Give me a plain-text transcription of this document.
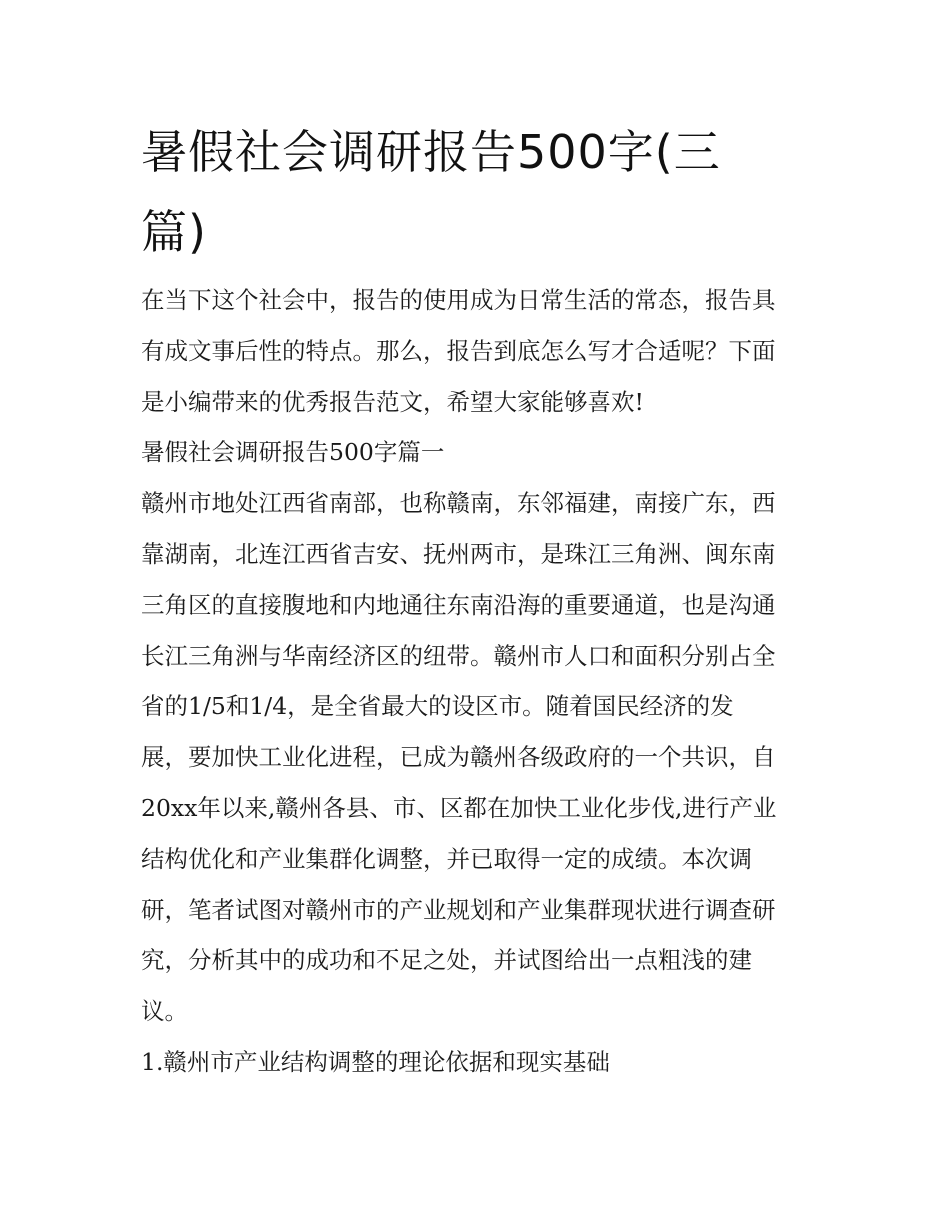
暑假社会调研报告500字(三
篇)

在当下这个社会中，报告的使用成为日常生活的常态，报告具

有成文事后性的特点。那么，报告到底怎么写才合适呢？下面

是小编带来的优秀报告范文，希望大家能够喜欢!

暑假社会调研报告500字篇一

赣州市地处江西省南部，也称赣南，东邻福建，南接广东，西

靠湖南，北连江西省吉安、抚州两市，是珠江三角洲、闽东南

三角区的直接腹地和内地通往东南沿海的重要通道，也是沟通

长江三角洲与华南经济区的纽带。赣州市人口和面积分别占全

省的1/5和1/4，是全省最大的设区市。随着国民经济的发

展，要加快工业化进程，已成为赣州各级政府的一个共识，自

20xx年以来,赣州各县、市、区都在加快工业化步伐,进行产业

结构优化和产业集群化调整，并已取得一定的成绩。本次调

研，笔者试图对赣州市的产业规划和产业集群现状进行调查研

究，分析其中的成功和不足之处，并试图给出一点粗浅的建

议。

1.赣州市产业结构调整的理论依据和现实基础
